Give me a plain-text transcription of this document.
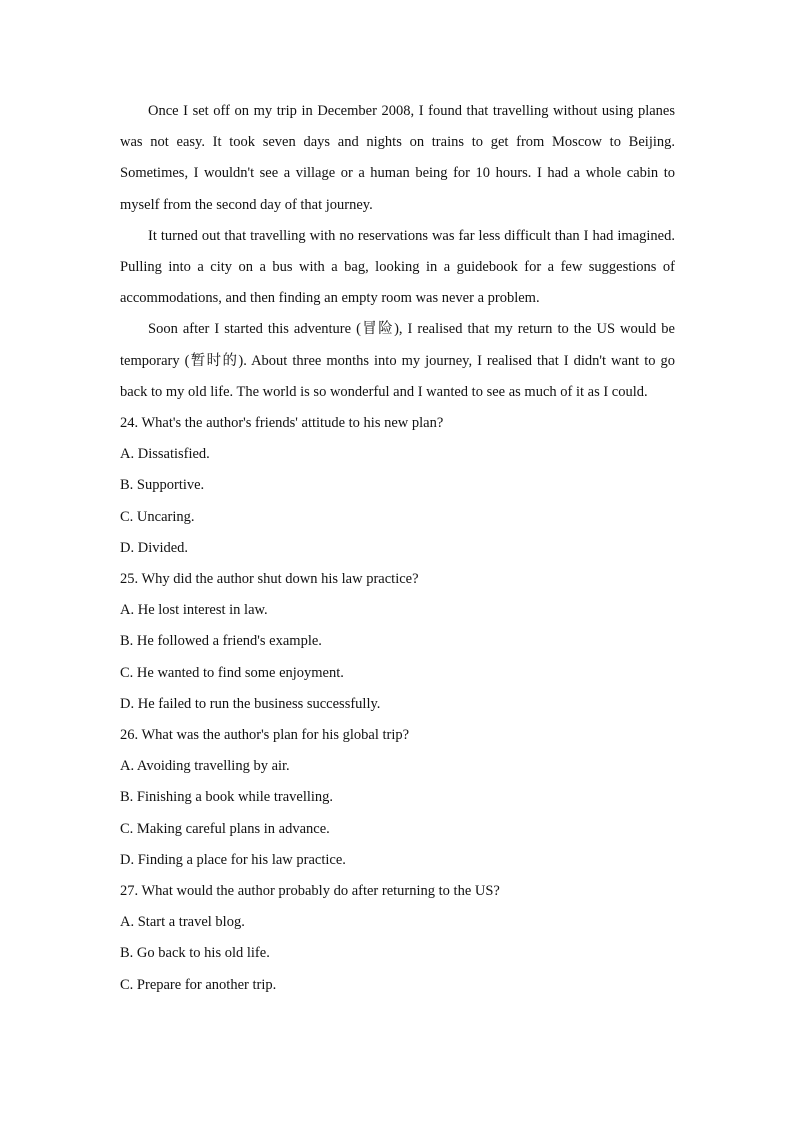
Once I set off on my trip in December 2008, I found that travelling without using planes was not easy. It took seven days and nights on trains to get from Moscow to Beijing. Sometimes, I wouldn't see a village or a human being for 10 hours. I had a whole cabin to myself from the second day of that journey.

It turned out that travelling with no reservations was far less difficult than I had imagined. Pulling into a city on a bus with a bag, looking in a guidebook for a few suggestions of accommodations, and then finding an empty room was never a problem.

Soon after I started this adventure (冒险), I realised that my return to the US would be temporary (暂时的). About three months into my journey, I realised that I didn't want to go back to my old life. The world is so wonderful and I wanted to see as much of it as I could.

24. What's the author's friends' attitude to his new plan?

A. Dissatisfied.

B. Supportive.

C. Uncaring.

D. Divided.

25. Why did the author shut down his law practice?

A. He lost interest in law.

B. He followed a friend's example.

C. He wanted to find some enjoyment.

D. He failed to run the business successfully.

26. What was the author's plan for his global trip?

A. Avoiding travelling by air.

B. Finishing a book while travelling.

C. Making careful plans in advance.

D. Finding a place for his law practice.

27. What would the author probably do after returning to the US?

A. Start a travel blog.

B. Go back to his old life.

C. Prepare for another trip.
